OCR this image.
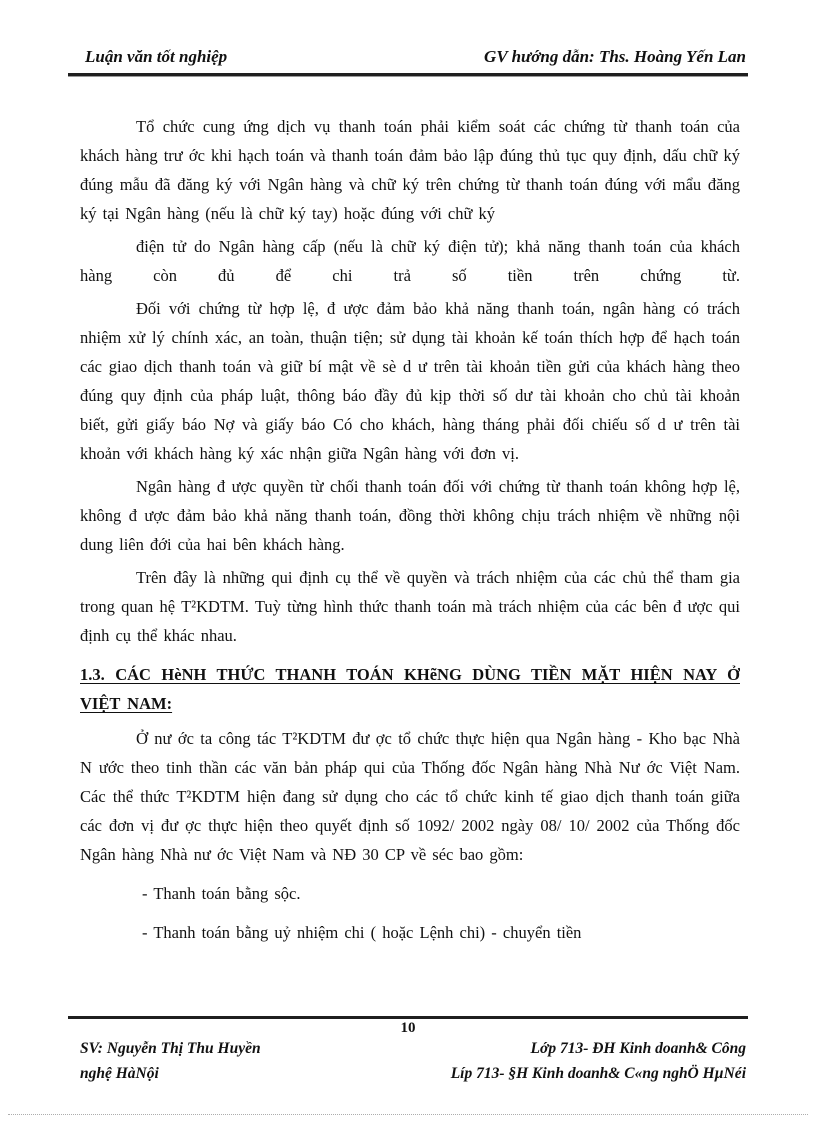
Luận văn tốt nghiệp	GV hướng dẫn: Ths. Hoàng Yến Lan

Tổ chức cung ứng dịch vụ thanh toán phải kiểm soát các chứng từ thanh toán của khách hàng trư ớc khi hạch toán và thanh toán đảm bảo lập đúng thủ tục quy định, dấu chữ ký đúng mẫu đã đăng ký với Ngân hàng và chữ ký trên chứng từ thanh toán đúng với mẩu đăng ký tại Ngân hàng (nếu là chữ ký tay) hoặc đúng với chữ ký

điện tử do Ngân hàng cấp (nếu là chữ ký điện tử); khả năng thanh toán của khách hàng còn đủ để chi trả số tiền trên chứng từ.

Đối với chứng từ hợp lệ, đ ược đảm bảo khả năng thanh toán, ngân hàng có trách nhiệm xử lý chính xác, an toàn, thuận tiện; sử dụng tài khoản kế toán thích hợp để hạch toán các giao dịch thanh toán và giữ bí mật về sè d ư trên tài khoản tiền gửi của khách hàng theo đúng quy định của pháp luật, thông báo đầy đủ kịp thời số dư tài khoản cho chủ tài khoản biết, gửi giấy báo Nợ và giấy báo Có cho khách, hàng tháng phải đối chiếu số d ư trên tài khoản với khách hàng ký xác nhận giữa Ngân hàng với đơn vị.

Ngân hàng đ ược quyền từ chối thanh toán đối với chứng từ thanh toán không hợp lệ, không đ ược đảm bảo khả năng thanh toán, đồng thời không chịu trách nhiệm về những nội dung liên đới của hai bên khách hàng.

Trên đây là những qui định cụ thể về quyền và trách nhiệm của các chủ thể tham gia trong quan hệ T²KDTM. Tuỳ từng hình thức thanh toán mà trách nhiệm của các bên đ ược qui định cụ thể khác nhau.

1.3. CÁC HèNH THỨC THANH TOÁN KHẽNG DÙNG TIỀN MẶT HIỆN NAY Ở VIỆT NAM:

Ở nư ớc ta công tác T²KDTM đư ợc tổ chức thực hiện qua Ngân hàng - Kho bạc Nhà N ước theo tinh thần các văn bản pháp qui của Thống đốc Ngân hàng Nhà Nư ớc Việt Nam. Các thể thức T²KDTM hiện đang sử dụng cho các tổ chức kinh tế giao dịch thanh toán giữa các đơn vị đư ợc thực hiện theo quyết định số 1092/ 2002 ngày 08/ 10/ 2002 của Thống đốc Ngân hàng Nhà nư ớc Việt Nam và NĐ 30 CP về séc bao gồm:

- Thanh toán bằng sộc.

- Thanh toán bằng uỷ nhiệm chi ( hoặc Lệnh chi) - chuyển tiền

10
SV: Nguyễn Thị Thu Huyền	Lớp 713- ĐH Kinh doanh& Công
nghệ HàNội	Líp 713- §H Kinh doanh& C«ng nghÖ HµNéi
